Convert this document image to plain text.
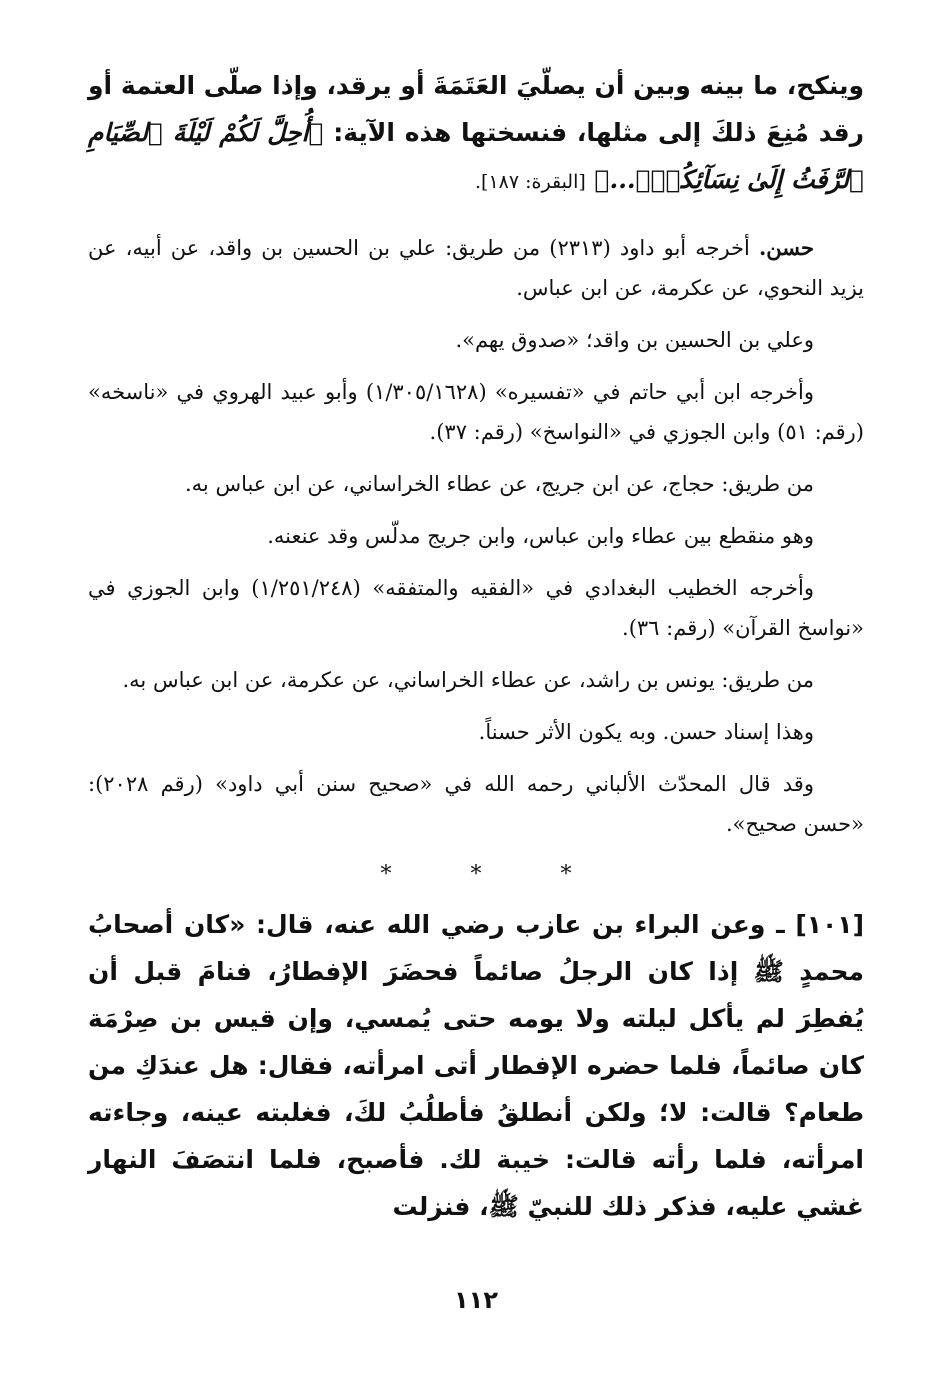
وينكح، ما بينه وبين أن يصلّيَ العَتَمَةَ أو يرقد، وإذا صلّى العتمة أو رقد مُنِعَ ذلكَ إلى مثلها، فنسختها هذه الآية: ﴿أُحِلَّ لَكُمْ لَيْلَةَ ٱلصِّيَامِ ٱلرَّفَثُ إِلَىٰ نِسَآئِكُمْۚ...﴾ [البقرة: ١٨٧].

حسن. أخرجه أبو داود (٢٣١٣) من طريق: علي بن الحسين بن واقد، عن أبيه، عن يزيد النحوي، عن عكرمة، عن ابن عباس.

وعلي بن الحسين بن واقد؛ «صدوق يهم».

وأخرجه ابن أبي حاتم في «تفسيره» (١/٣٠٥/١٦٢٨) وأبو عبيد الهروي في «ناسخه» (رقم: ٥١) وابن الجوزي في «النواسخ» (رقم: ٣٧).

من طريق: حجاج، عن ابن جريج، عن عطاء الخراساني، عن ابن عباس به.

وهو منقطع بين عطاء وابن عباس، وابن جريج مدلّس وقد عنعنه.

وأخرجه الخطيب البغدادي في «الفقيه والمتفقه» (١/٢٥١/٢٤٨) وابن الجوزي في «نواسخ القرآن» (رقم: ٣٦).

من طريق: يونس بن راشد، عن عطاء الخراساني، عن عكرمة، عن ابن عباس به.

وهذا إسناد حسن. وبه يكون الأثر حسناً.

وقد قال المحدّث الألباني رحمه الله في «صحيح سنن أبي داود» (رقم ٢٠٢٨): «حسن صحيح».

* * *

[١٠١] ـ وعن البراء بن عازب رضي الله عنه، قال: «كان أصحابُ محمدٍ ﷺ إذا كان الرجلُ صائماً فحضَرَ الإفطارُ، فنامَ قبل أن يُفطِرَ لم يأكل ليلته ولا يومه حتى يُمسي، وإن قيس بن صِرْمَة كان صائماً، فلما حضره الإفطار أتى امرأته، فقال: هل عندَكِ من طعام؟ قالت: لا؛ ولكن أنطلقُ فأطلُبُ لكَ، فغلبته عينه، وجاءته امرأته، فلما رأته قالت: خيبة لك. فأصبح، فلما انتصَفَ النهار غشي عليه، فذكر ذلك للنبيّ ﷺ، فنزلت

١١٢
